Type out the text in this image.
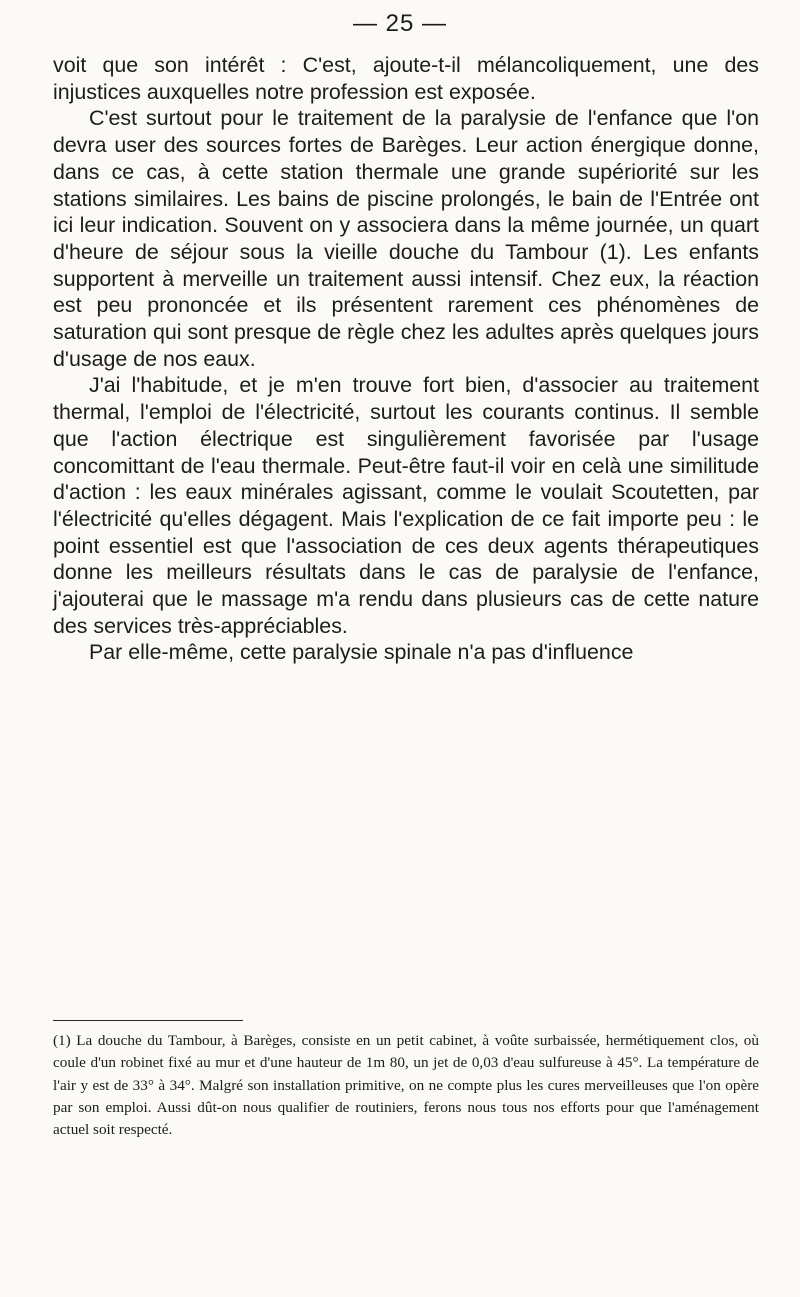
— 25 —

voit que son intérêt : C'est, ajoute-t-il mélancoliquement, une des injustices auxquelles notre profession est exposée.

C'est surtout pour le traitement de la paralysie de l'enfance que l'on devra user des sources fortes de Barèges. Leur action énergique donne, dans ce cas, à cette station thermale une grande supériorité sur les stations similaires. Les bains de piscine prolongés, le bain de l'Entrée ont ici leur indication. Souvent on y associera dans la même journée, un quart d'heure de séjour sous la vieille douche du Tambour (1). Les enfants supportent à merveille un traitement aussi intensif. Chez eux, la réaction est peu prononcée et ils présentent rarement ces phénomènes de saturation qui sont presque de règle chez les adultes après quelques jours d'usage de nos eaux.

J'ai l'habitude, et je m'en trouve fort bien, d'associer au traitement thermal, l'emploi de l'électricité, surtout les courants continus. Il semble que l'action électrique est singulièrement favorisée par l'usage concomittant de l'eau thermale. Peut-être faut-il voir en celà une similitude d'action : les eaux minérales agissant, comme le voulait Scoutetten, par l'électricité qu'elles dégagent. Mais l'explication de ce fait importe peu : le point essentiel est que l'association de ces deux agents thérapeutiques donne les meilleurs résultats dans le cas de paralysie de l'enfance, j'ajouterai que le massage m'a rendu dans plusieurs cas de cette nature des services très-appréciables.

Par elle-même, cette paralysie spinale n'a pas d'influence

(1) La douche du Tambour, à Barèges, consiste en un petit cabinet, à voûte surbaissée, hermétiquement clos, où coule d'un robinet fixé au mur et d'une hauteur de 1m 80, un jet de 0,03 d'eau sulfureuse à 45°. La température de l'air y est de 33° à 34°. Malgré son installation primitive, on ne compte plus les cures merveilleuses que l'on opère par son emploi. Aussi dût-on nous qualifier de routiniers, ferons nous tous nos efforts pour que l'aménagement actuel soit respecté.
